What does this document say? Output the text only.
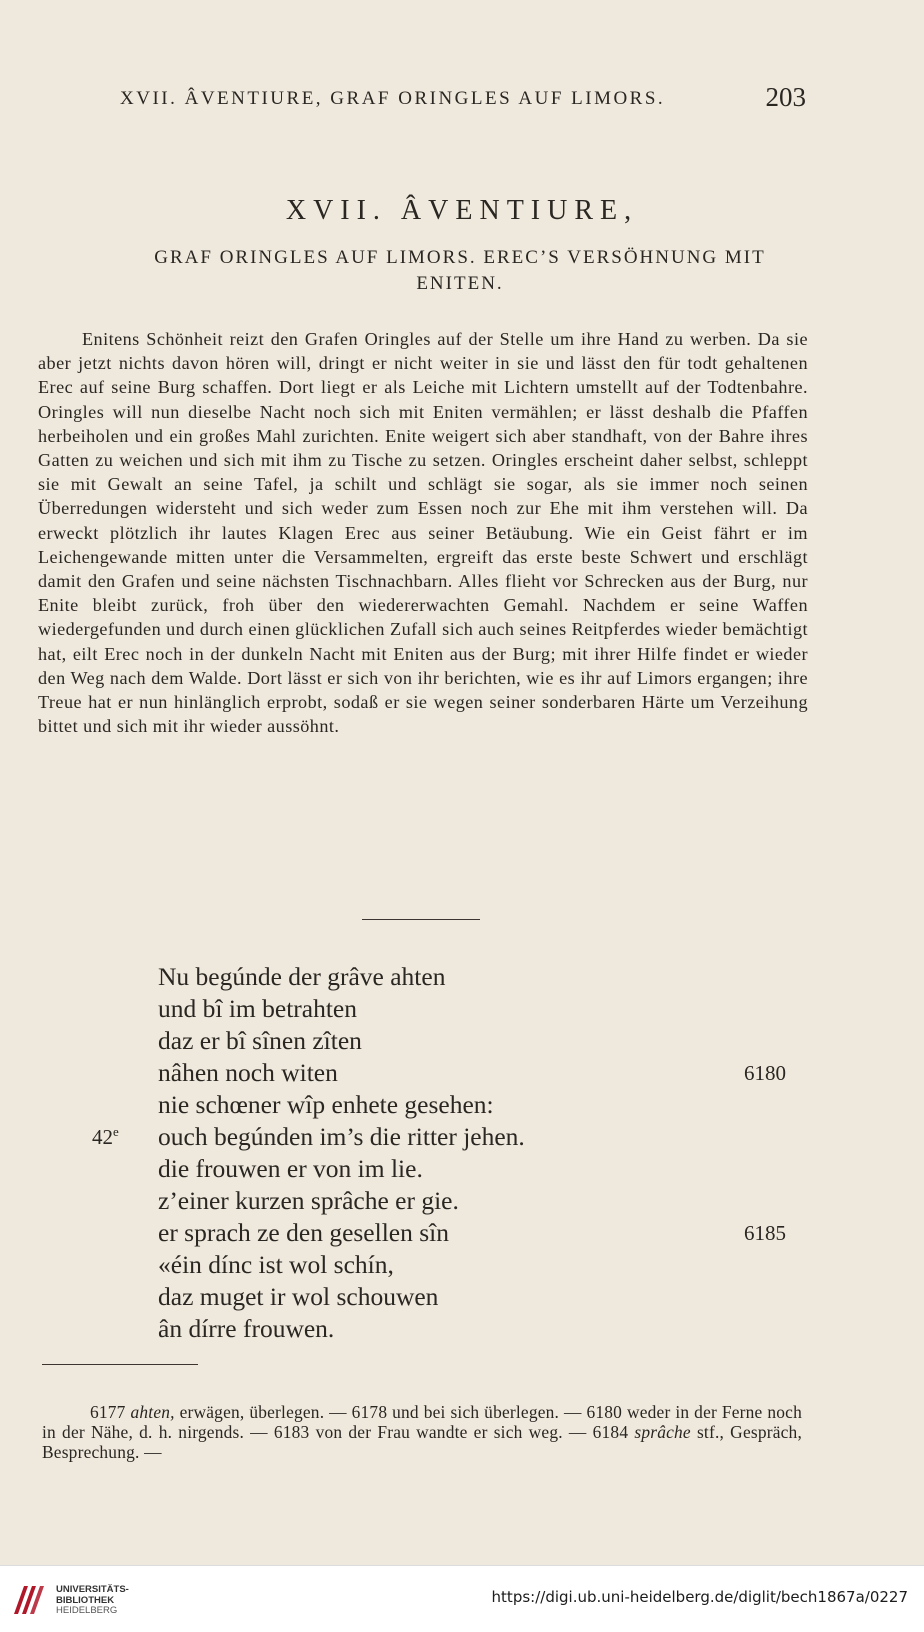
XVII. ÂVENTIURE, GRAF ORINGLES AUF LIMORS.	203
XVII. ÂVENTIURE,
GRAF ORINGLES AUF LIMORS. EREC’S VERSÖHNUNG MIT
ENITEN.
Enitens Schönheit reizt den Grafen Oringles auf der Stelle um ihre Hand zu werben. Da sie aber jetzt nichts davon hören will, dringt er nicht weiter in sie und lässt den für todt gehaltenen Erec auf seine Burg schaffen. Dort liegt er als Leiche mit Lichtern umstellt auf der Todtenbahre. Oringles will nun dieselbe Nacht noch sich mit Eniten vermählen; er lässt deshalb die Pfaffen herbeiholen und ein großes Mahl zurichten. Enite weigert sich aber standhaft, von der Bahre ihres Gatten zu weichen und sich mit ihm zu Tische zu setzen. Oringles erscheint daher selbst, schleppt sie mit Gewalt an seine Tafel, ja schilt und schlägt sie sogar, als sie immer noch seinen Überredungen widersteht und sich weder zum Essen noch zur Ehe mit ihm verstehen will. Da erweckt plötzlich ihr lautes Klagen Erec aus seiner Betäubung. Wie ein Geist fährt er im Leichengewande mitten unter die Versammelten, ergreift das erste beste Schwert und erschlägt damit den Grafen und seine nächsten Tischnachbarn. Alles flieht vor Schrecken aus der Burg, nur Enite bleibt zurück, froh über den wiedererwachten Gemahl. Nachdem er seine Waffen wiedergefunden und durch einen glücklichen Zufall sich auch seines Reitpferdes wieder bemächtigt hat, eilt Erec noch in der dunkeln Nacht mit Eniten aus der Burg; mit ihrer Hilfe findet er wieder den Weg nach dem Walde. Dort lässt er sich von ihr berichten, wie es ihr auf Limors ergangen; ihre Treue hat er nun hinlänglich erprobt, sodaß er sie wegen seiner sonderbaren Härte um Verzeihung bittet und sich mit ihr wieder aussöhnt.
Nu begúnde der grâve ahten
und bî im betrahten
daz er bî sînen zîten
nâhen noch witen	6180
nie schœner wîp enhete gesehen:
42e ouch begúnden im’s die ritter jehen.
die frouwen er von im lie.
z’einer kurzen sprâche er gie.
er sprach ze den gesellen sîn	6185
«éin dínc ist wol schín,
daz muget ir wol schouwen
ân dírre frouwen.
6177 ahten, erwägen, überlegen. — 6178 und bei sich überlegen. — 6180 weder in der Ferne noch in der Nähe, d. h. nirgends. — 6183 von der Frau wandte er sich weg. — 6184 sprâche stf., Gespräch, Besprechung. —
UNIVERSITÄTS-
BIBLIOTHEK
HEIDELBERG
https://digi.ub.uni-heidelberg.de/diglit/bech1867a/0227
